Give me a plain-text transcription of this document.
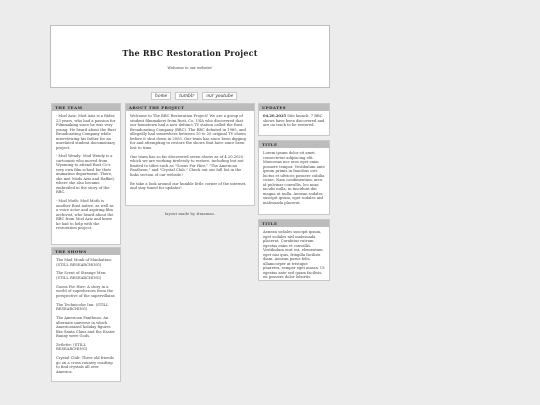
The RBC Restoration Project
Welcome to our website!
home	tumblr	our youtube
THE TEAM

- Mod Aziz: Mod Aziz is a Rider, 23 years, who had a passion for Filmmaking since he was very young. He heard about the Rust Broadcasting Company while interviewing his father for an unrelated student documentary project.

- Mod Wendy: Mod Wendy is a cartoonist who moved from Wyoming to attend Rust Co's very own film school for their animation department. There, she met Mods Aziz and Raffael, where she also became embroiled in the story of the RBC.

- Mod Moth: Mod Moth is another Rust native, as well as a voice actor and aspiring film archivist, who heard about the RBC from Mod Aziz and knew he had to help with the restoration project.

THE SHOWS

The Mad Monk of Manhattan: (STILL RESEARCHING)

The Scent of Strange Men: (STILL RESEARCHING)

Goons For Hire: A story in a world of superheroes from the perspective of the supervillains

The Technicolor Inn: (STILL RESEARCHING)

The American Pantheon: An alternate universe in which Americanized holiday figures like Santa Claus and the Easter Bunny were Gods.

Zetlette: (STILL RESEARCHING)

Crystal Club: Three old friends go on a cross country roadtrip to find crystals all over America.

ABOUT THE PROJECT

Welcome to The RBC Restoration Project! We are a group of student filmmakers from Rust, Co, USA who discovered that our hometown had a now defunct TV station called the Rust Broadcasting Company (RBC). The RBC debuted in 1965, and allegedly had somewhere between 10 to 20 original TV shows before it shut down in 2003. Our team has since been digging for and attempting to restore the shows that have since been lost to time.

Our team has so far discovered seven shows as of 4.20.2025 which we are working tirelessly to restore, including but not limited to titles such as "Goons For Hire," "The American Pantheon," and "Crystal Club." Check out our full list in the links section of our website!

Be take a look around our humble little corner of the internet, and stay tuned for updates!

layout made by #mamao.
UPDATES
04.20.2025 Site launch. 7 RBC shows have been discovered and are on track to be restored.
TITLE
Lorem ipsum dolor sit amet, consectetur adipiscing elit. Maecenas nec eros eget enim posuere tempor. Vestibulum ante ipsum primis in faucibus orci luctus et ultrices posuere cubilia curae; Nam condimentum, arcu id pulvinar convallis, leo nunc iaculis nulla, in tincidunt dui magna ut nulla. Aenean sodales suscipit ipsum, eget sodales nisl malesuada placerat.
TITLE
Aenean sodales suscipit ipsum, eget sodales nisl malesuada placerat. Curabitur rutrum egestas enim et convallis. Vestibulum erat est, elementum eget nisi quis, fringilla facilisis diam. Aenean purus felis, ullamcorper at tristique pharetra, semper eget massa. Ut egestas ante sed quam facilisis, eu posuere dolor lobortis.
